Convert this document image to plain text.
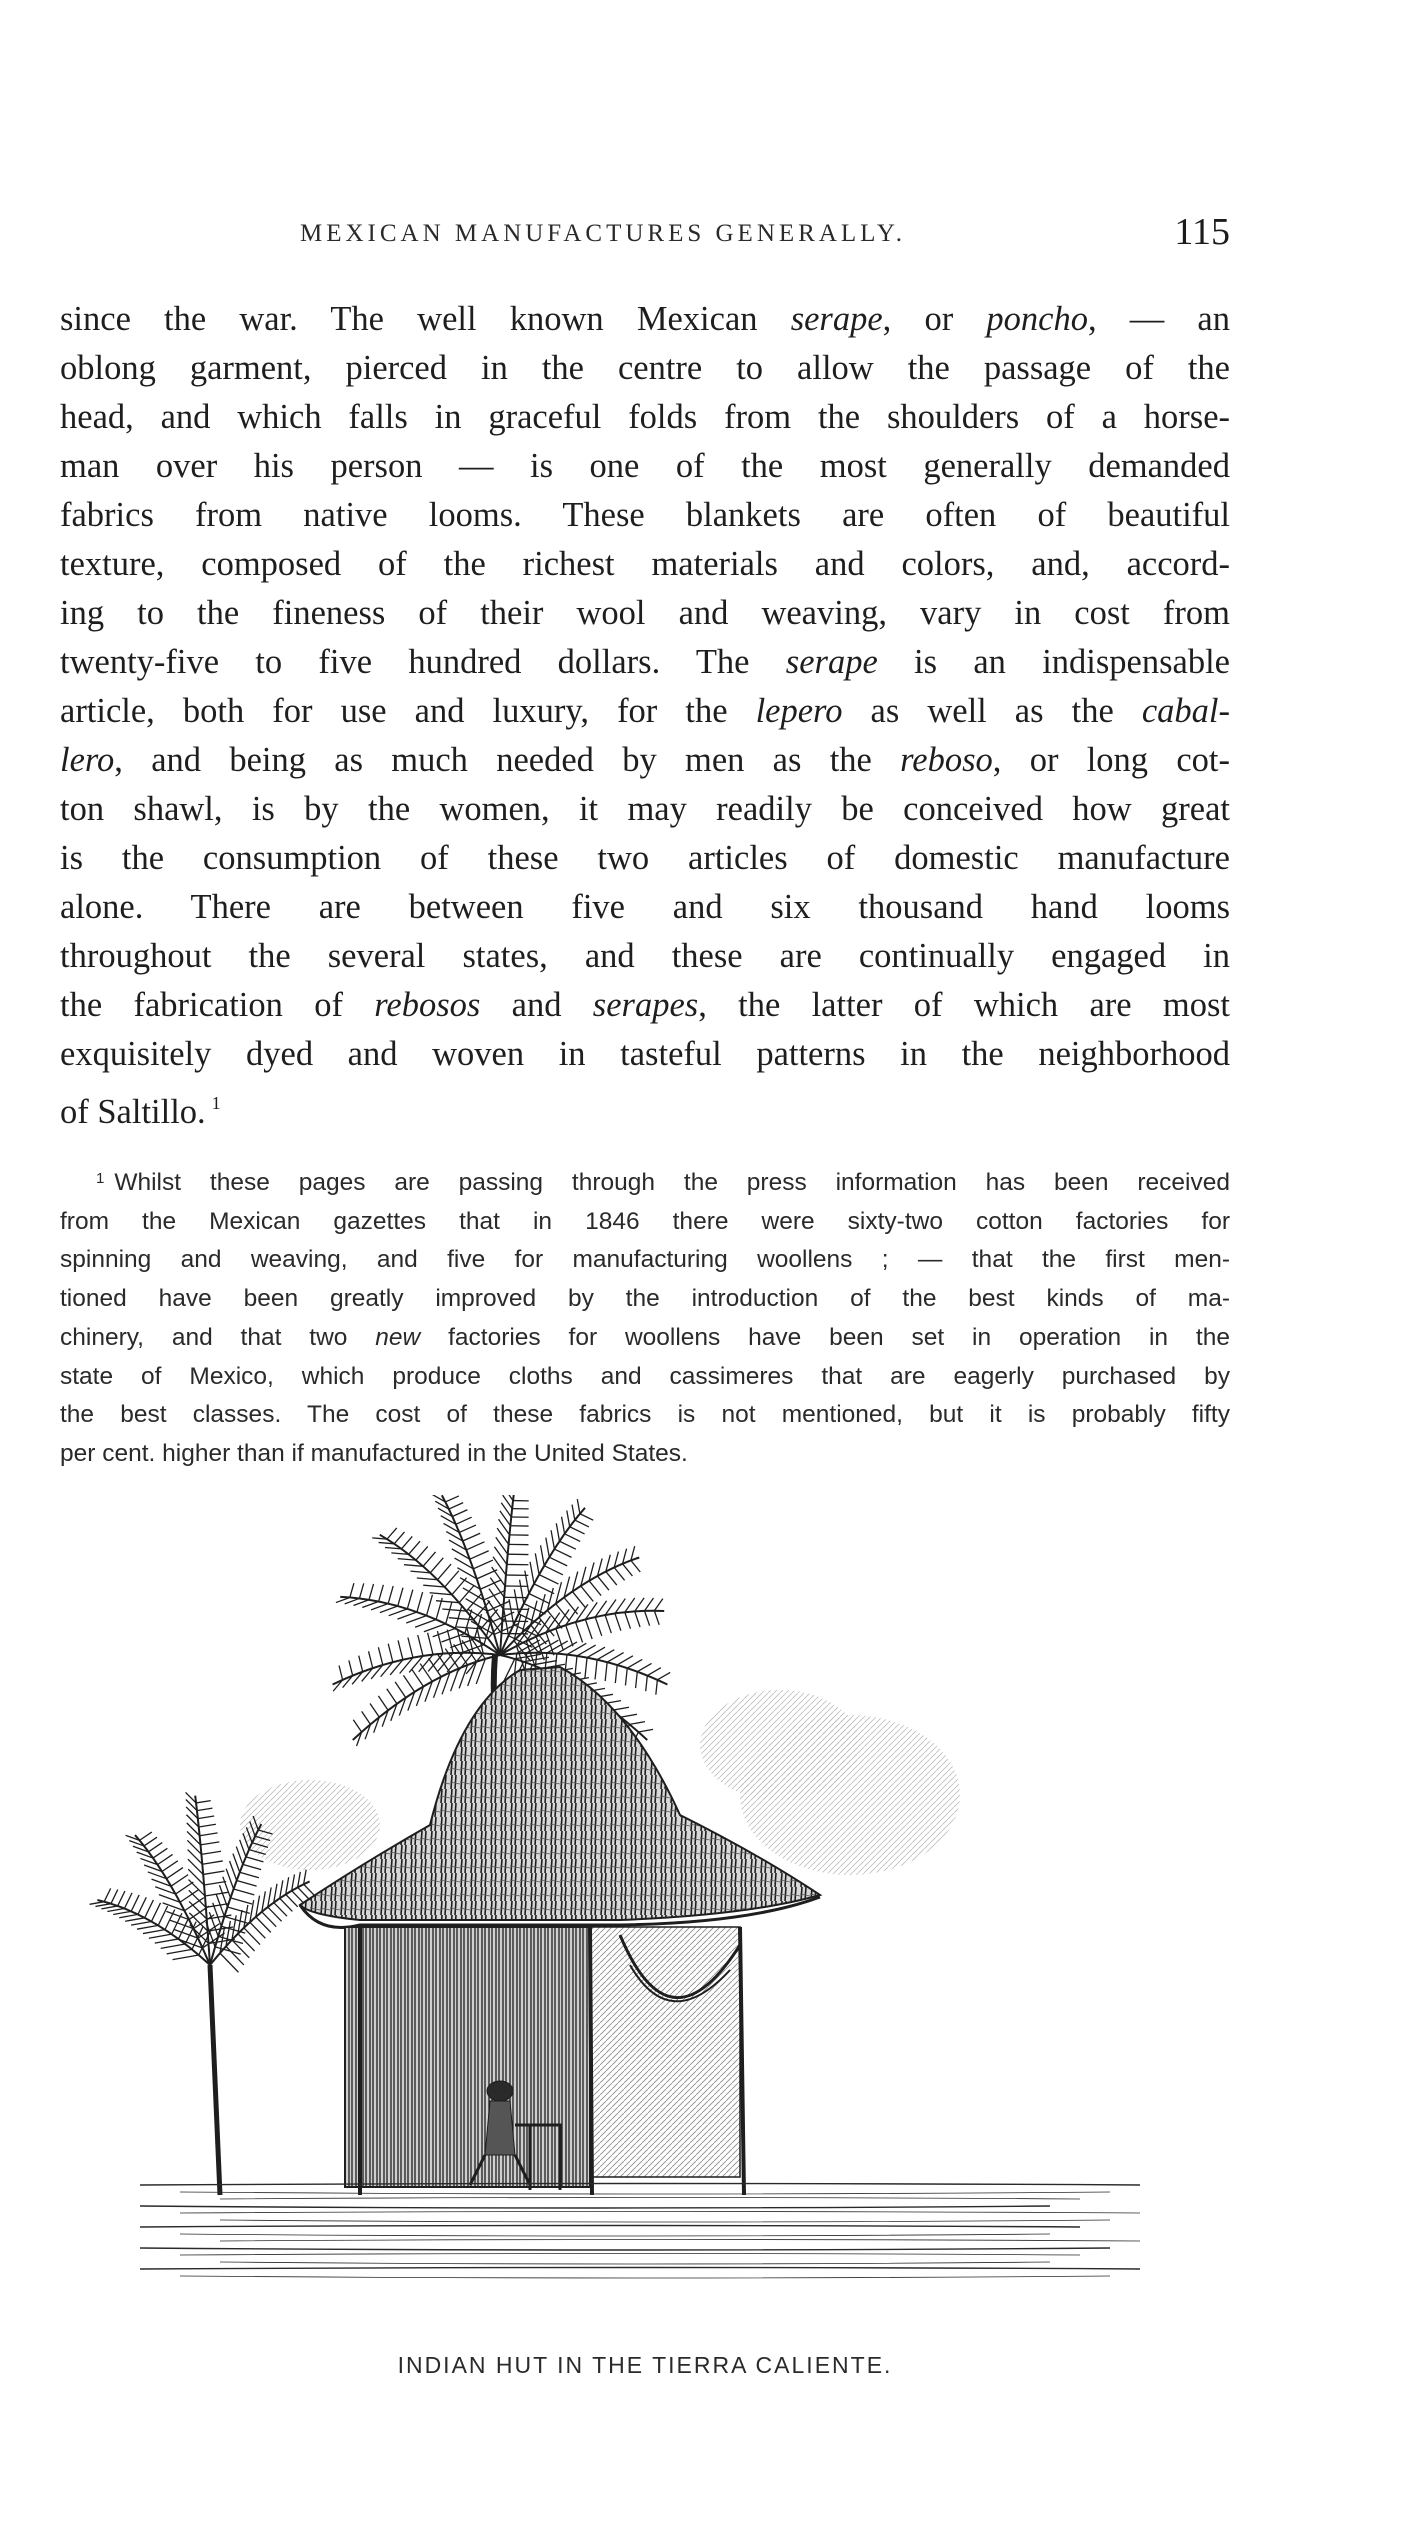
MEXICAN MANUFACTURES GENERALLY.	115
since the war. The well known Mexican serape, or poncho, — an
oblong garment, pierced in the centre to allow the passage of the
head, and which falls in graceful folds from the shoulders of a horse-
man over his person — is one of the most generally demanded
fabrics from native looms. These blankets are often of beautiful
texture, composed of the richest materials and colors, and, accord-
ing to the fineness of their wool and weaving, vary in cost from
twenty-five to five hundred dollars. The serape is an indispensable
article, both for use and luxury, for the lepero as well as the cabal-
lero, and being as much needed by men as the reboso, or long cot-
ton shawl, is by the women, it may readily be conceived how great
is the consumption of these two articles of domestic manufacture
alone. There are between five and six thousand hand looms
throughout the several states, and these are continually engaged in
the fabrication of rebosos and serapes, the latter of which are most
exquisitely dyed and woven in tasteful patterns in the neighborhood
of Saltillo. $^1$
$^1$ Whilst these pages are passing through the press information has been received
from the Mexican gazettes that in 1846 there were sixty-two cotton factories for
spinning and weaving, and five for manufacturing woollens ; — that the first men-
tioned have been greatly improved by the introduction of the best kinds of ma-
chinery, and that two new factories for woollens have been set in operation in the
state of Mexico, which produce cloths and cassimeres that are eagerly purchased by
the best classes. The cost of these fabrics is not mentioned, but it is probably fifty
per cent. higher than if manufactured in the United States.
INDIAN HUT IN THE TIERRA CALIENTE.
